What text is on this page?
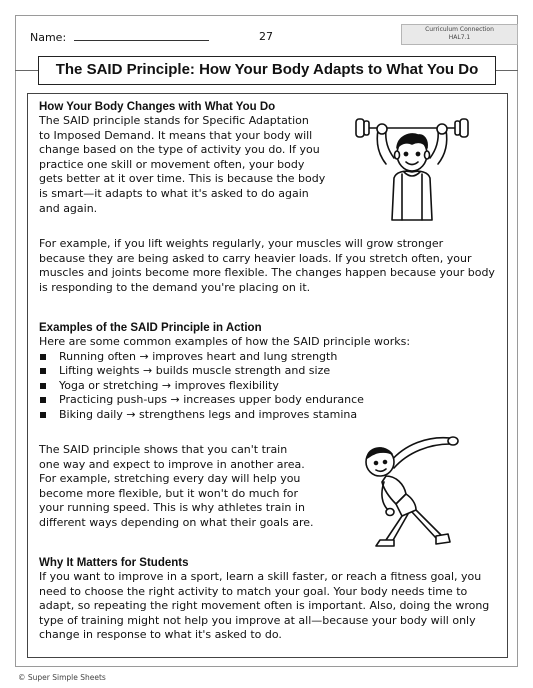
Name:	27
Curriculum Connection
HAL7.1
The SAID Principle: How Your Body Adapts to What You Do
How Your Body Changes with What You Do
The SAID principle stands for Specific Adaptation
to Imposed Demand. It means that your body will
change based on the type of activity you do. If you
practice one skill or movement often, your body
gets better at it over time. This is because the body
is smart—it adapts to what it's asked to do again
and again.
For example, if you lift weights regularly, your muscles will grow stronger
because they are being asked to carry heavier loads. If you stretch often, your
muscles and joints become more flexible. The changes happen because your body
is responding to the demand you're placing on it.
Examples of the SAID Principle in Action
Here are some common examples of how the SAID principle works:
Running often → improves heart and lung strength
Lifting weights → builds muscle strength and size
Yoga or stretching → improves flexibility
Practicing push-ups → increases upper body endurance
Biking daily → strengthens legs and improves stamina
The SAID principle shows that you can't train
one way and expect to improve in another area.
For example, stretching every day will help you
become more flexible, but it won't do much for
your running speed. This is why athletes train in
different ways depending on what their goals are.
Why It Matters for Students
If you want to improve in a sport, learn a skill faster, or reach a fitness goal, you
need to choose the right activity to match your goal. Your body needs time to
adapt, so repeating the right movement often is important. Also, doing the wrong
type of training might not help you improve at all—because your body will only
change in response to what it's asked to do.
© Super Simple Sheets
